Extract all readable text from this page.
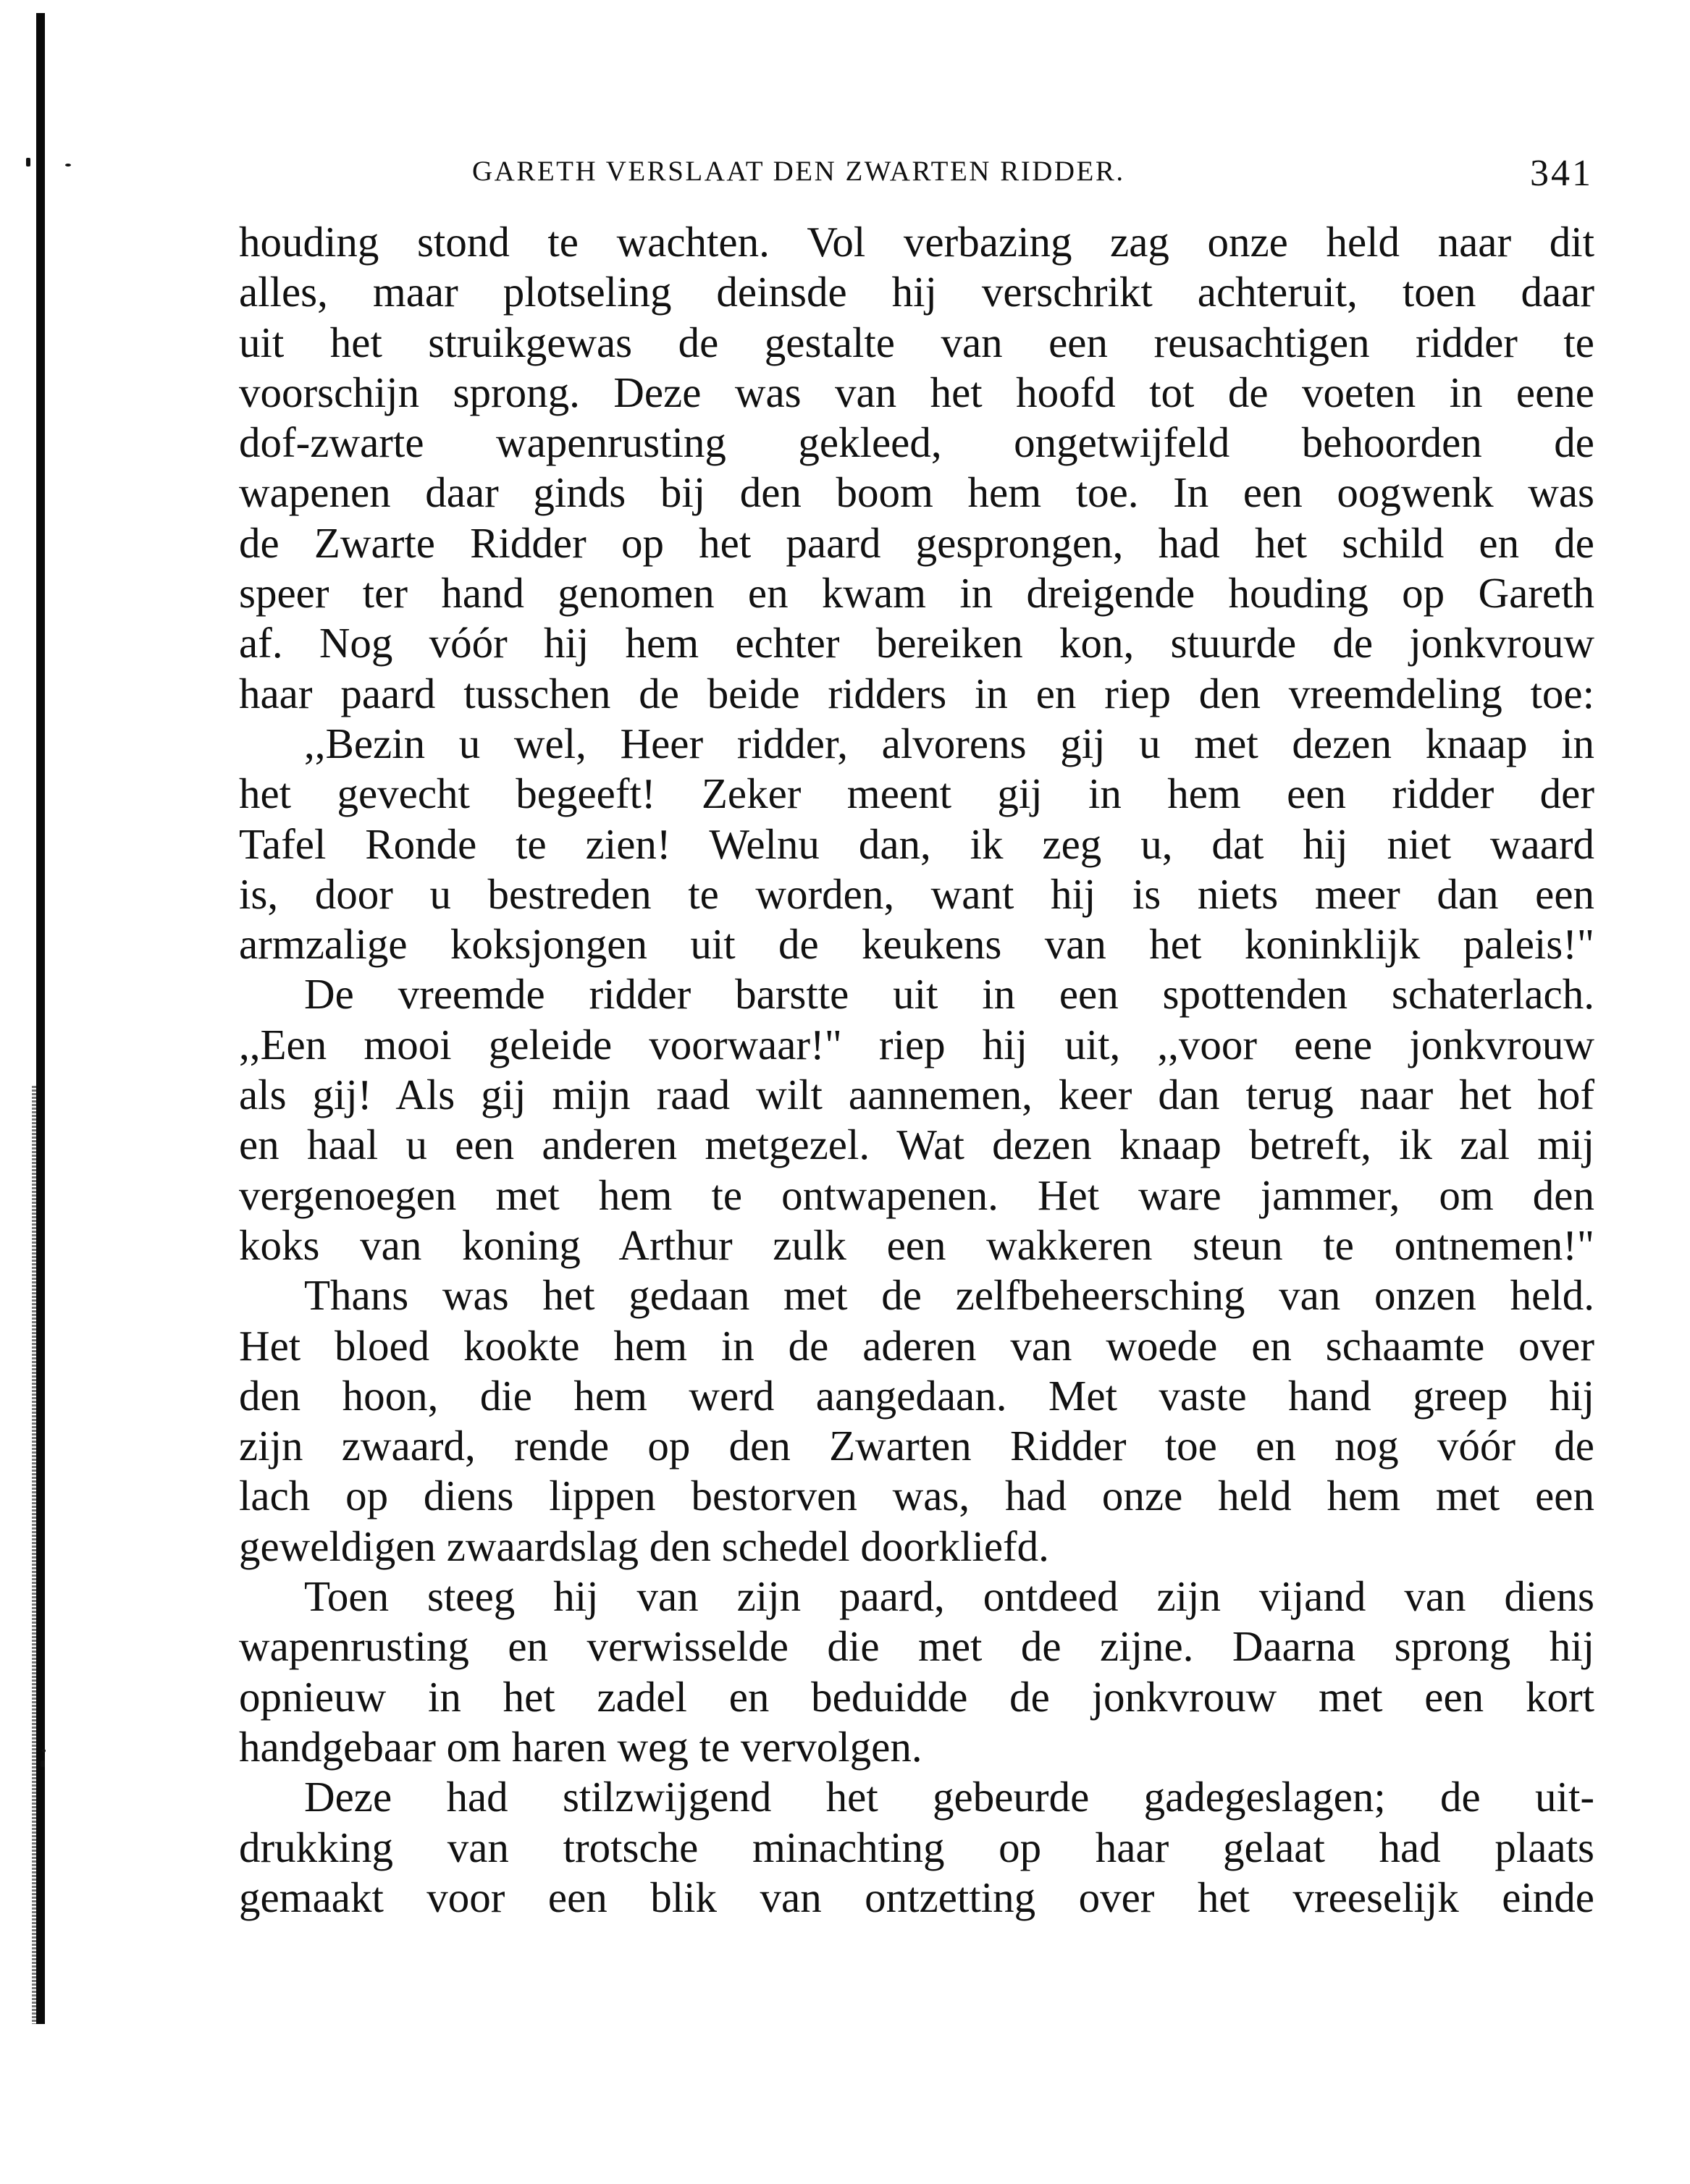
GARETH VERSLAAT DEN ZWARTEN RIDDER.	341
houding stond te wachten. Vol verbazing zag onze held naar dit
alles, maar plotseling deinsde hij verschrikt achteruit, toen daar
uit het struikgewas de gestalte van een reusachtigen ridder te
voorschijn sprong. Deze was van het hoofd tot de voeten in eene
dof-zwarte wapenrusting gekleed, ongetwijfeld behoorden de
wapenen daar ginds bij den boom hem toe. In een oogwenk was
de Zwarte Ridder op het paard gesprongen, had het schild en de
speer ter hand genomen en kwam in dreigende houding op Gareth
af. Nog vóór hij hem echter bereiken kon, stuurde de jonkvrouw
haar paard tusschen de beide ridders in en riep den vreemdeling toe:
,,Bezin u wel, Heer ridder, alvorens gij u met dezen knaap in
het gevecht begeeft! Zeker meent gij in hem een ridder der
Tafel Ronde te zien! Welnu dan, ik zeg u, dat hij niet waard
is, door u bestreden te worden, want hij is niets meer dan een
armzalige koksjongen uit de keukens van het koninklijk paleis!"
De vreemde ridder barstte uit in een spottenden schaterlach.
,,Een mooi geleide voorwaar!" riep hij uit, ,,voor eene jonkvrouw
als gij! Als gij mijn raad wilt aannemen, keer dan terug naar het hof
en haal u een anderen metgezel. Wat dezen knaap betreft, ik zal mij
vergenoegen met hem te ontwapenen. Het ware jammer, om den
koks van koning Arthur zulk een wakkeren steun te ontnemen!"
Thans was het gedaan met de zelfbeheersching van onzen held.
Het bloed kookte hem in de aderen van woede en schaamte over
den hoon, die hem werd aangedaan. Met vaste hand greep hij
zijn zwaard, rende op den Zwarten Ridder toe en nog vóór de
lach op diens lippen bestorven was, had onze held hem met een
geweldigen zwaardslag den schedel doorkliefd.
Toen steeg hij van zijn paard, ontdeed zijn vijand van diens
wapenrusting en verwisselde die met de zijne. Daarna sprong hij
opnieuw in het zadel en beduidde de jonkvrouw met een kort
handgebaar om haren weg te vervolgen.
Deze had stilzwijgend het gebeurde gadegeslagen; de uit-
drukking van trotsche minachting op haar gelaat had plaats
gemaakt voor een blik van ontzetting over het vreeselijk einde
